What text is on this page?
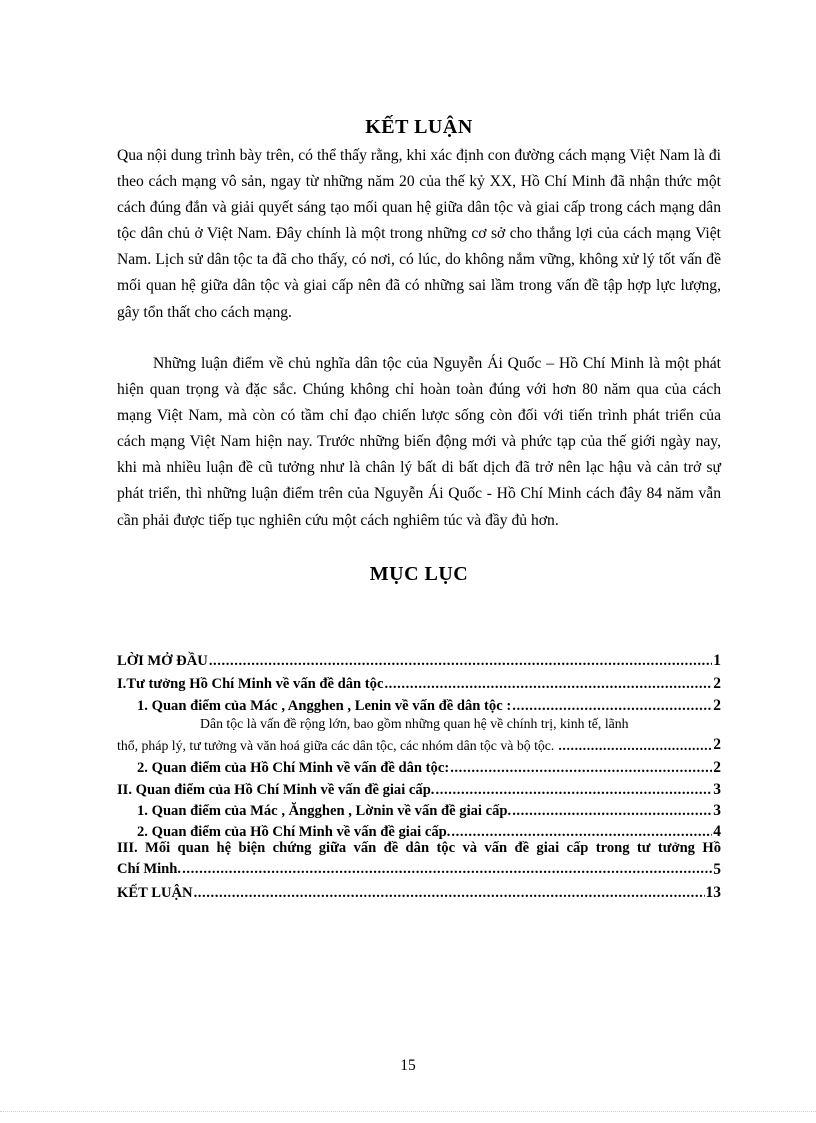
KẾT LUẬN
Qua nội dung trình bày trên, có thể thấy rằng, khi xác định con đường cách mạng Việt Nam là đi theo cách mạng vô sản, ngay từ những năm 20 của thế kỷ XX, Hồ Chí Minh đã nhận thức một cách đúng đắn và giải quyết sáng tạo mối quan hệ giữa dân tộc và giai cấp trong cách mạng dân tộc dân chủ ở Việt Nam. Đây chính là một trong những cơ sở cho thắng lợi của cách mạng Việt Nam. Lịch sử dân tộc ta đã cho thấy, có nơi, có lúc, do không nắm vững, không xử lý tốt vấn đề mối quan hệ giữa dân tộc và giai cấp nên đã có những sai lầm trong vấn đề tập hợp lực lượng, gây tổn thất cho cách mạng.
Những luận điểm về chủ nghĩa dân tộc của Nguyễn Ái Quốc – Hồ Chí Minh là một phát hiện quan trọng và đặc sắc. Chúng không chỉ hoàn toàn đúng với hơn 80 năm qua của cách mạng Việt Nam, mà còn có tầm chỉ đạo chiến lược sống còn đối với tiến trình phát triển của cách mạng Việt Nam hiện nay. Trước những biến động mới và phức tạp của thế giới ngày nay, khi mà nhiều luận đề cũ tưởng như là chân lý bất di bất dịch đã trở nên lạc hậu và cản trở sự phát triển, thì những luận điểm trên của Nguyễn Ái Quốc - Hồ Chí Minh cách đây 84 năm vẫn cần phải được tiếp tục nghiên cứu một cách nghiêm túc và đầy đủ hơn.
MỤC LỤC
LỜI MỞ ĐẦU .....	1
I.Tư tưởng Hồ Chí Minh về vấn đề dân tộc .....	2
1. Quan điểm của Mác , Angghen , Lenin về vấn đề dân tộc : .....	2
Dân tộc là vấn đề rộng lớn, bao gồm những quan hệ về chính trị, kinh tế, lãnh
thổ, pháp lý, tư tưởng và văn hoá giữa các dân tộc, các nhóm dân tộc và bộ tộc. .....	2
2. Quan điểm của Hồ Chí Minh về vấn đề dân tộc: .....	2
II. Quan điểm của Hồ Chí Minh về vấn đề giai cấp. .....	3
1. Quan điểm của Mác , Ăngghen , Lờnin về vấn đề giai cấp. .....	3
2. Quan điểm của Hồ Chí Minh về vấn đề giai cấp. .....	4
III. Mối quan hệ biện chứng giữa vấn đề dân tộc và vấn đề giai cấp trong tư tưởng Hồ
Chí Minh. .....	5
KẾT LUẬN .....	13
15
